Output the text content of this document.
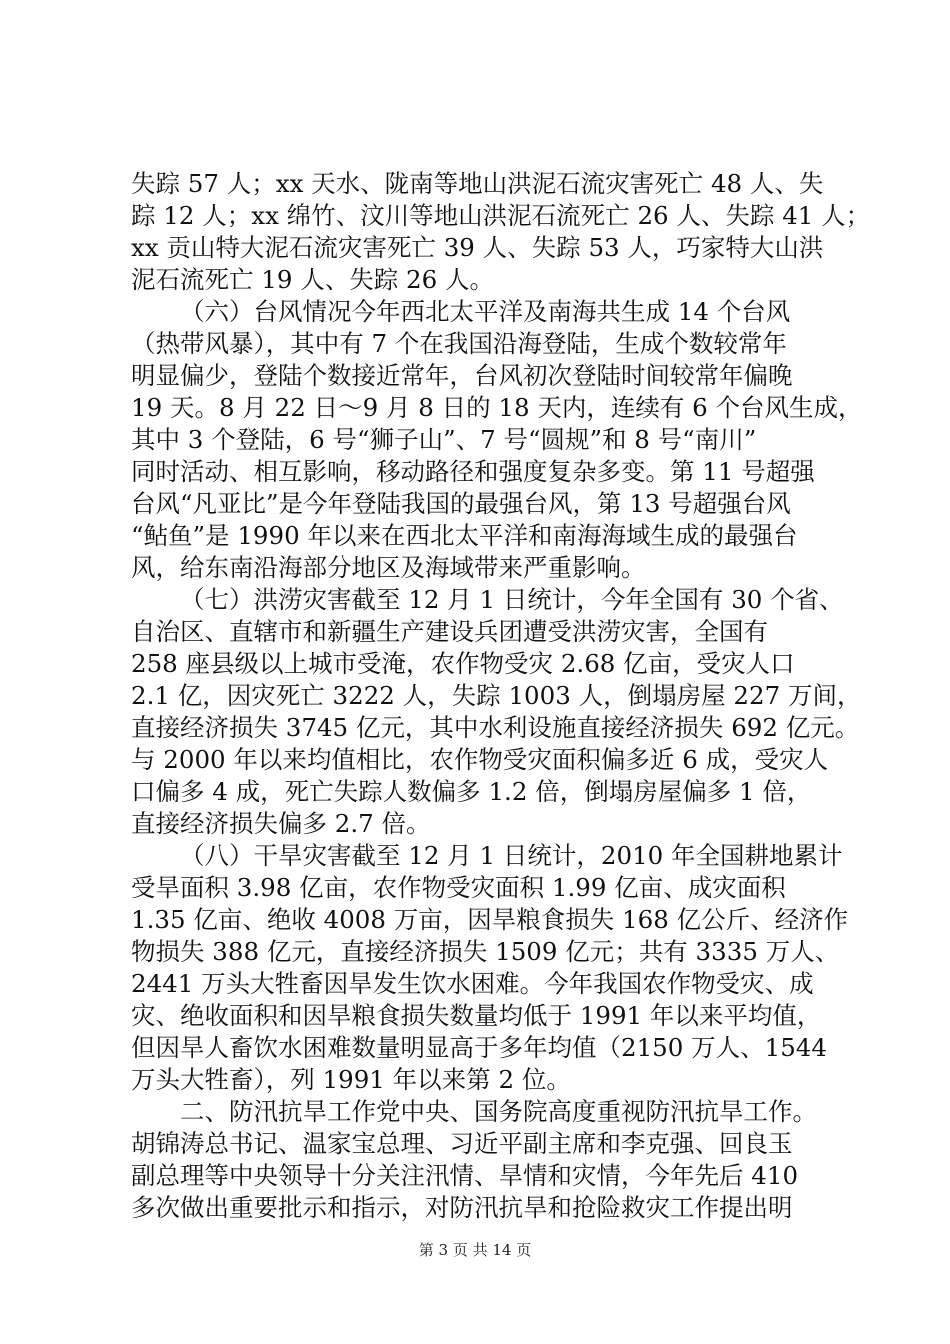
失踪 57 人；xx 天水、陇南等地山洪泥石流灾害死亡 48 人、失
踪 12 人；xx 绵竹、汶川等地山洪泥石流死亡 26 人、失踪 41 人；
xx 贡山特大泥石流灾害死亡 39 人、失踪 53 人，巧家特大山洪
泥石流死亡 19 人、失踪 26 人。
（六）台风情况今年西北太平洋及南海共生成 14 个台风
（热带风暴），其中有 7 个在我国沿海登陆，生成个数较常年
明显偏少，登陆个数接近常年，台风初次登陆时间较常年偏晚
19 天。8 月 22 日～9 月 8 日的 18 天内，连续有 6 个台风生成，
其中 3 个登陆，6 号“狮子山”、7 号“圆规”和 8 号“南川”
同时活动、相互影响，移动路径和强度复杂多变。第 11 号超强
台风“凡亚比”是今年登陆我国的最强台风，第 13 号超强台风
“鲇鱼”是 1990 年以来在西北太平洋和南海海域生成的最强台
风，给东南沿海部分地区及海域带来严重影响。
（七）洪涝灾害截至 12 月 1 日统计，今年全国有 30 个省、
自治区、直辖市和新疆生产建设兵团遭受洪涝灾害，全国有
258 座县级以上城市受淹，农作物受灾 2.68 亿亩，受灾人口
2.1 亿，因灾死亡 3222 人，失踪 1003 人，倒塌房屋 227 万间，
直接经济损失 3745 亿元，其中水利设施直接经济损失 692 亿元。
与 2000 年以来均值相比，农作物受灾面积偏多近 6 成，受灾人
口偏多 4 成，死亡失踪人数偏多 1.2 倍，倒塌房屋偏多 1 倍，
直接经济损失偏多 2.7 倍。
（八）干旱灾害截至 12 月 1 日统计，2010 年全国耕地累计
受旱面积 3.98 亿亩，农作物受灾面积 1.99 亿亩、成灾面积
1.35 亿亩、绝收 4008 万亩，因旱粮食损失 168 亿公斤、经济作
物损失 388 亿元，直接经济损失 1509 亿元；共有 3335 万人、
2441 万头大牲畜因旱发生饮水困难。今年我国农作物受灾、成
灾、绝收面积和因旱粮食损失数量均低于 1991 年以来平均值，
但因旱人畜饮水困难数量明显高于多年均值（2150 万人、1544
万头大牲畜），列 1991 年以来第 2 位。
二、防汛抗旱工作党中央、国务院高度重视防汛抗旱工作。
胡锦涛总书记、温家宝总理、习近平副主席和李克强、回良玉
副总理等中央领导十分关注汛情、旱情和灾情，今年先后 410
多次做出重要批示和指示，对防汛抗旱和抢险救灾工作提出明
第 3 页 共 14 页
